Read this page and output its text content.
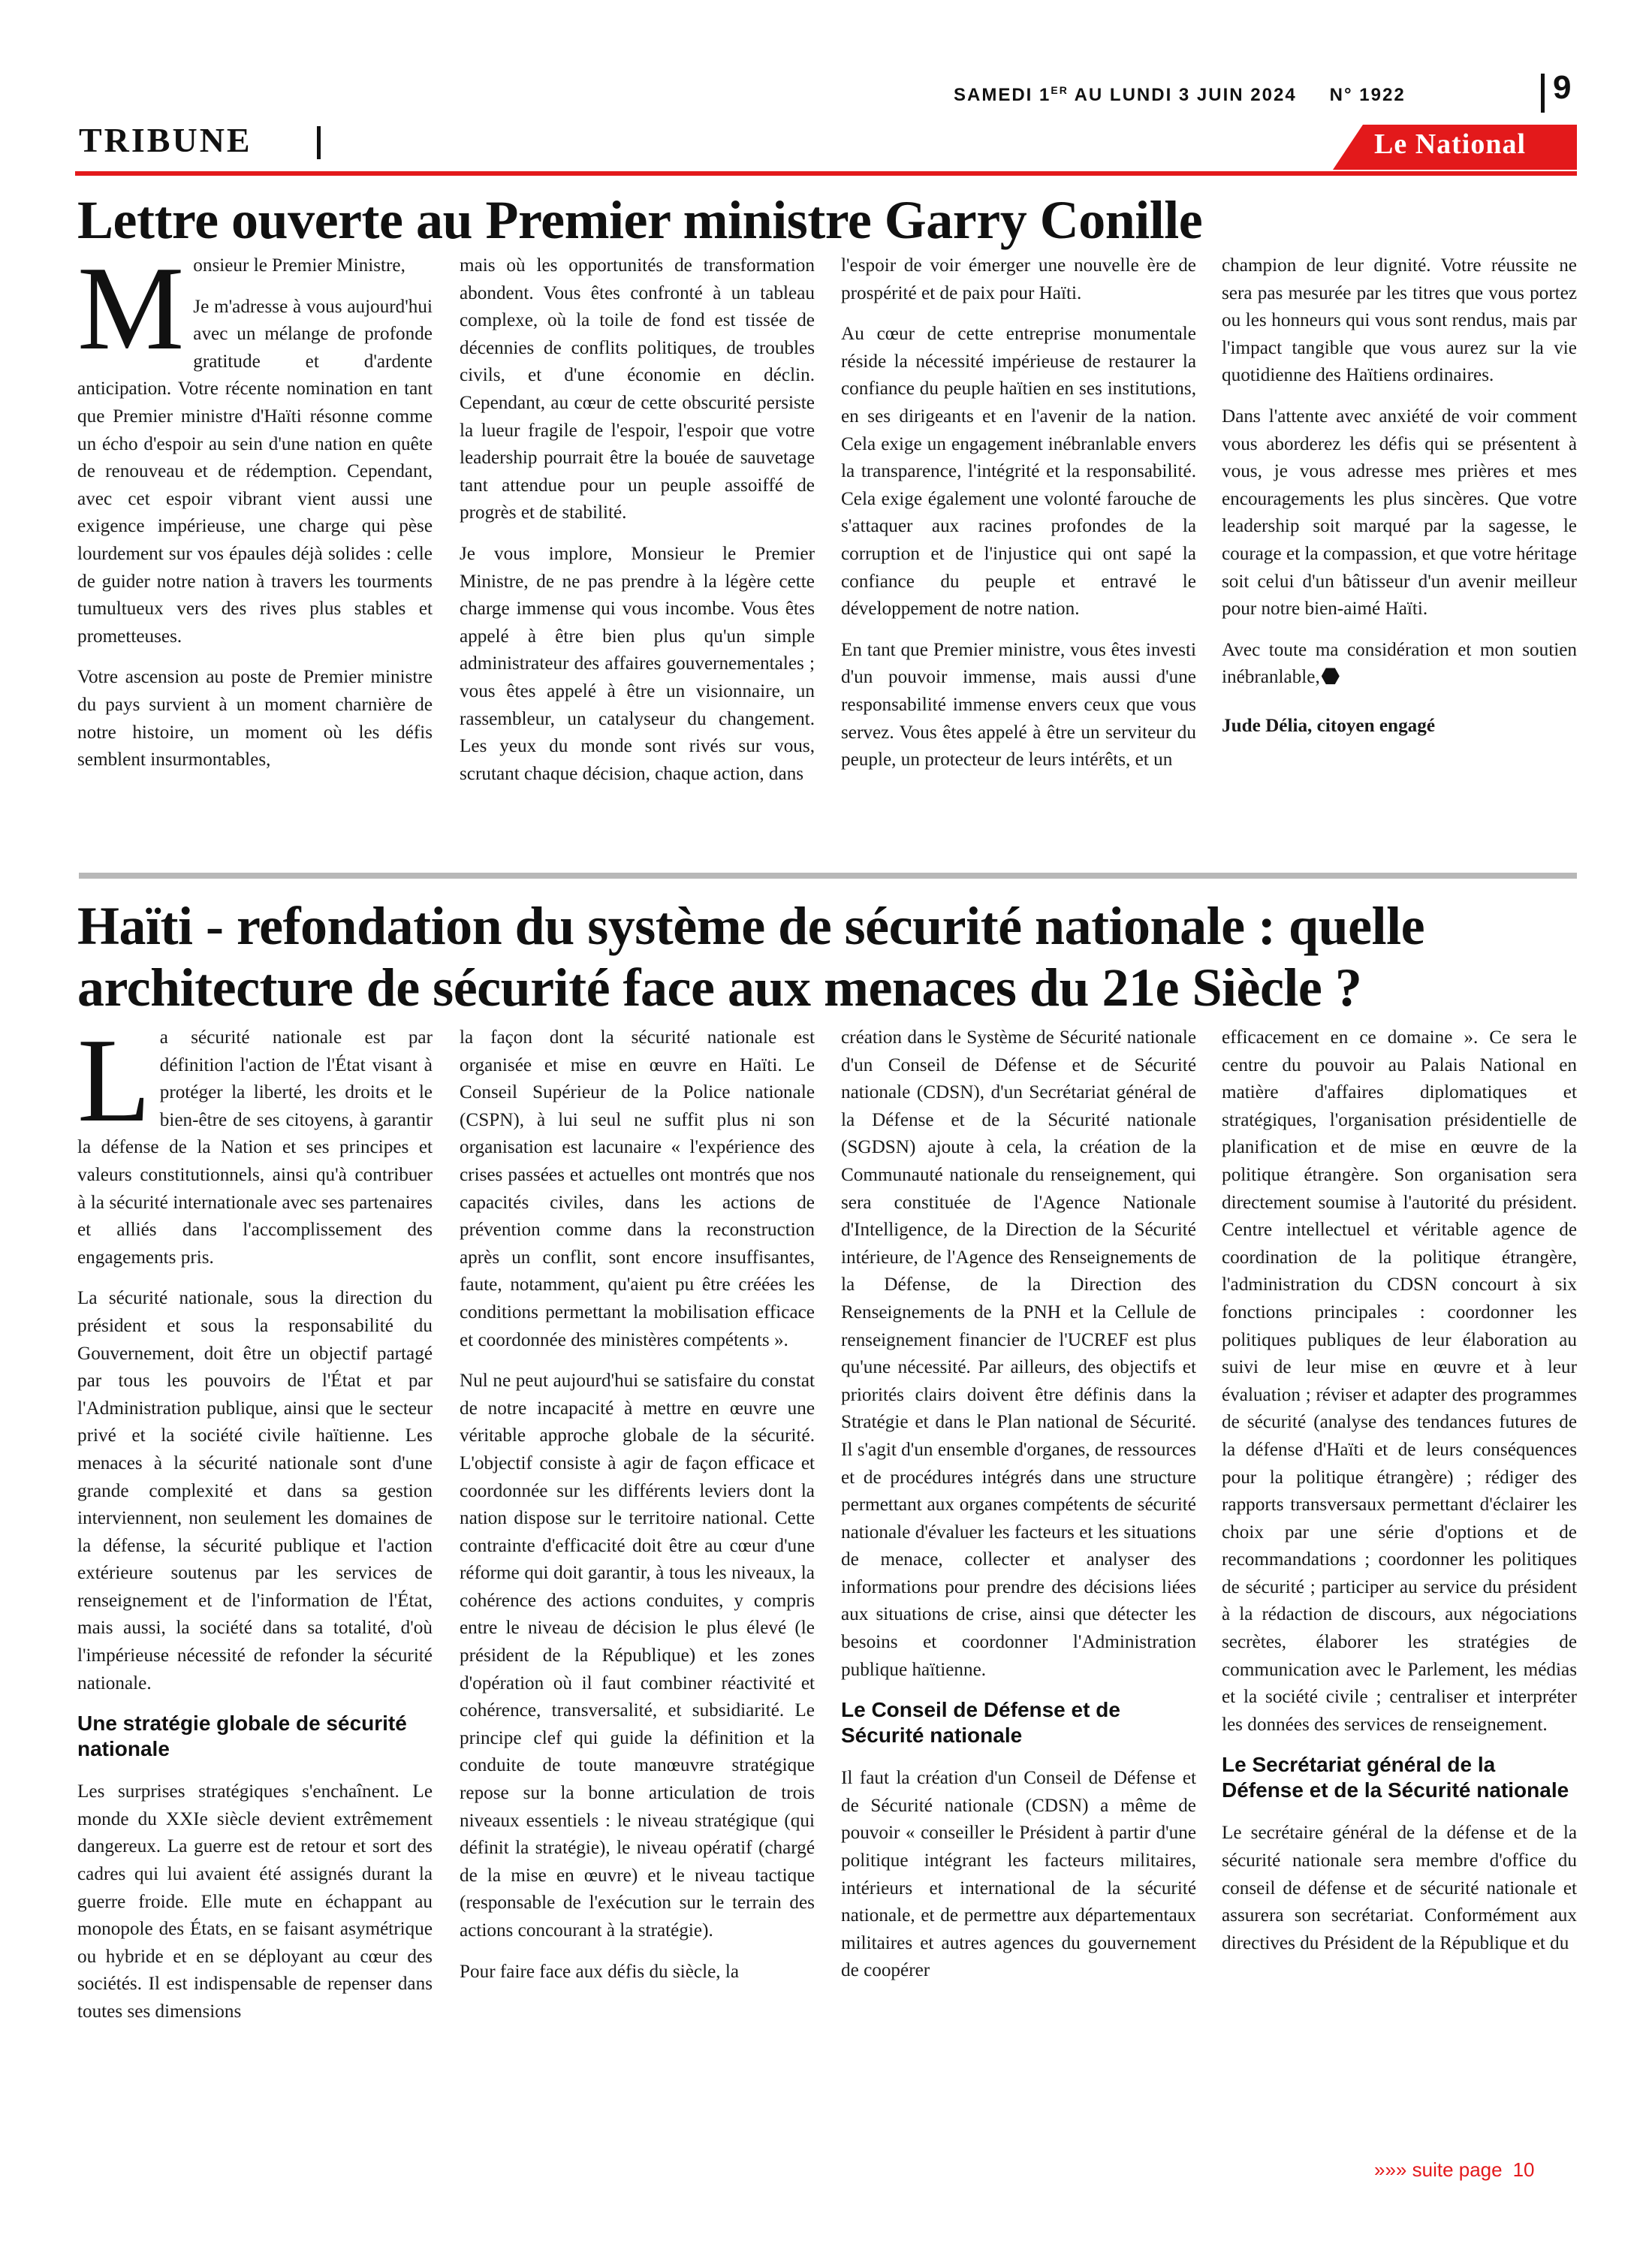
SAMEDI 1ER AU LUNDI 3 JUIN 2024 N° 1922	9
TRIBUNE	Le National
Lettre ouverte au Premier ministre Garry Conille
M onsieur le Premier Ministre,

Je m'adresse à vous aujourd'hui avec un mélange de profonde gratitude et d'ardente anticipation. Votre récente nomination en tant que Premier ministre d'Haïti résonne comme un écho d'espoir au sein d'une nation en quête de renouveau et de rédemption. Cependant, avec cet espoir vibrant vient aussi une exigence impérieuse, une charge qui pèse lourdement sur vos épaules déjà solides : celle de guider notre nation à travers les tourments tumultueux vers des rives plus stables et prometteuses.

Votre ascension au poste de Premier ministre du pays survient à un moment charnière de notre histoire, un moment où les défis semblent insurmontables,

mais où les opportunités de transformation abondent. Vous êtes confronté à un tableau complexe, où la toile de fond est tissée de décennies de conflits politiques, de troubles civils, et d'une économie en déclin. Cependant, au cœur de cette obscurité persiste la lueur fragile de l'espoir, l'espoir que votre leadership pourrait être la bouée de sauvetage tant attendue pour un peuple assoiffé de progrès et de stabilité.

Je vous implore, Monsieur le Premier Ministre, de ne pas prendre à la légère cette charge immense qui vous incombe. Vous êtes appelé à être bien plus qu'un simple administrateur des affaires gouvernementales ; vous êtes appelé à être un visionnaire, un rassembleur, un catalyseur du changement. Les yeux du monde sont rivés sur vous, scrutant chaque décision, chaque action, dans

l'espoir de voir émerger une nouvelle ère de prospérité et de paix pour Haïti.

Au cœur de cette entreprise monumentale réside la nécessité impérieuse de restaurer la confiance du peuple haïtien en ses institutions, en ses dirigeants et en l'avenir de la nation. Cela exige un engagement inébranlable envers la transparence, l'intégrité et la responsabilité. Cela exige également une volonté farouche de s'attaquer aux racines profondes de la corruption et de l'injustice qui ont sapé la confiance du peuple et entravé le développement de notre nation.

En tant que Premier ministre, vous êtes investi d'un pouvoir immense, mais aussi d'une responsabilité immense envers ceux que vous servez. Vous êtes appelé à être un serviteur du peuple, un protecteur de leurs intérêts, et un

champion de leur dignité. Votre réussite ne sera pas mesurée par les titres que vous portez ou les honneurs qui vous sont rendus, mais par l'impact tangible que vous aurez sur la vie quotidienne des Haïtiens ordinaires.

Dans l'attente avec anxiété de voir comment vous aborderez les défis qui se présentent à vous, je vous adresse mes prières et mes encouragements les plus sincères. Que votre leadership soit marqué par la sagesse, le courage et la compassion, et que votre héritage soit celui d'un bâtisseur d'un avenir meilleur pour notre bien-aimé Haïti.

Avec toute ma considération et mon soutien inébranlable,

Jude Délia, citoyen engagé

Haïti - refondation du système de sécurité nationale : quelle architecture de sécurité face aux menaces du 21e Siècle ?
L a sécurité nationale est par définition l'action de l'État visant à protéger la liberté, les droits et le bien-être de ses citoyens, à garantir la défense de la Nation et ses principes et valeurs constitutionnels, ainsi qu'à contribuer à la sécurité internationale avec ses partenaires et alliés dans l'accomplissement des engagements pris.

La sécurité nationale, sous la direction du président et sous la responsabilité du Gouvernement, doit être un objectif partagé par tous les pouvoirs de l'État et par l'Administration publique, ainsi que le secteur privé et la société civile haïtienne. Les menaces à la sécurité nationale sont d'une grande complexité et dans sa gestion interviennent, non seulement les domaines de la défense, la sécurité publique et l'action extérieure soutenus par les services de renseignement et de l'information de l'État, mais aussi, la société dans sa totalité, d'où l'impérieuse nécessité de refonder la sécurité nationale.

Une stratégie globale de sécurité nationale

Les surprises stratégiques s'enchaînent. Le monde du XXIe siècle devient extrêmement dangereux. La guerre est de retour et sort des cadres qui lui avaient été assignés durant la guerre froide. Elle mute en échappant au monopole des États, en se faisant asymétrique ou hybride et en se déployant au cœur des sociétés. Il est indispensable de repenser dans toutes ses dimensions

la façon dont la sécurité nationale est organisée et mise en œuvre en Haïti. Le Conseil Supérieur de la Police nationale (CSPN), à lui seul ne suffit plus ni son organisation est lacunaire « l'expérience des crises passées et actuelles ont montrés que nos capacités civiles, dans les actions de prévention comme dans la reconstruction après un conflit, sont encore insuffisantes, faute, notamment, qu'aient pu être créées les conditions permettant la mobilisation efficace et coordonnée des ministères compétents ».

Nul ne peut aujourd'hui se satisfaire du constat de notre incapacité à mettre en œuvre une véritable approche globale de la sécurité. L'objectif consiste à agir de façon efficace et coordonnée sur les différents leviers dont la nation dispose sur le territoire national. Cette contrainte d'efficacité doit être au cœur d'une réforme qui doit garantir, à tous les niveaux, la cohérence des actions conduites, y compris entre le niveau de décision le plus élevé (le président de la République) et les zones d'opération où il faut combiner réactivité et cohérence, transversalité, et subsidiarité. Le principe clef qui guide la définition et la conduite de toute manœuvre stratégique repose sur la bonne articulation de trois niveaux essentiels : le niveau stratégique (qui définit la stratégie), le niveau opératif (chargé de la mise en œuvre) et le niveau tactique (responsable de l'exécution sur le terrain des actions concourant à la stratégie).

Pour faire face aux défis du siècle, la

création dans le Système de Sécurité nationale d'un Conseil de Défense et de Sécurité nationale (CDSN), d'un Secrétariat général de la Défense et de la Sécurité nationale (SGDSN) ajoute à cela, la création de la Communauté nationale du renseignement, qui sera constituée de l'Agence Nationale d'Intelligence, de la Direction de la Sécurité intérieure, de l'Agence des Renseignements de la Défense, de la Direction des Renseignements de la PNH et la Cellule de renseignement financier de l'UCREF est plus qu'une nécessité. Par ailleurs, des objectifs et priorités clairs doivent être définis dans la Stratégie et dans le Plan national de Sécurité. Il s'agit d'un ensemble d'organes, de ressources et de procédures intégrés dans une structure permettant aux organes compétents de sécurité nationale d'évaluer les facteurs et les situations de menace, collecter et analyser des informations pour prendre des décisions liées aux situations de crise, ainsi que détecter les besoins et coordonner l'Administration publique haïtienne.

Le Conseil de Défense et de Sécurité nationale

Il faut la création d'un Conseil de Défense et de Sécurité nationale (CDSN) a même de pouvoir « conseiller le Président à partir d'une politique intégrant les facteurs militaires, intérieurs et international de la sécurité nationale, et de permettre aux départementaux militaires et autres agences du gouvernement de coopérer

efficacement en ce domaine ». Ce sera le centre du pouvoir au Palais National en matière d'affaires diplomatiques et stratégiques, l'organisation présidentielle de planification et de mise en œuvre de la politique étrangère. Son organisation sera directement soumise à l'autorité du président. Centre intellectuel et véritable agence de coordination de la politique étrangère, l'administration du CDSN concourt à six fonctions principales : coordonner les politiques publiques de leur élaboration au suivi de leur mise en œuvre et à leur évaluation ; réviser et adapter des programmes de sécurité (analyse des tendances futures de la défense d'Haïti et de leurs conséquences pour la politique étrangère) ; rédiger des rapports transversaux permettant d'éclairer les choix par une série d'options et de recommandations ; coordonner les politiques de sécurité ; participer au service du président à la rédaction de discours, aux négociations secrètes, élaborer les stratégies de communication avec le Parlement, les médias et la société civile ; centraliser et interpréter les données des services de renseignement.

Le Secrétariat général de la Défense et de la Sécurité nationale

Le secrétaire général de la défense et de la sécurité nationale sera membre d'office du conseil de défense et de sécurité nationale et assurera son secrétariat. Conformément aux directives du Président de la République et du

»»» suite page 10
